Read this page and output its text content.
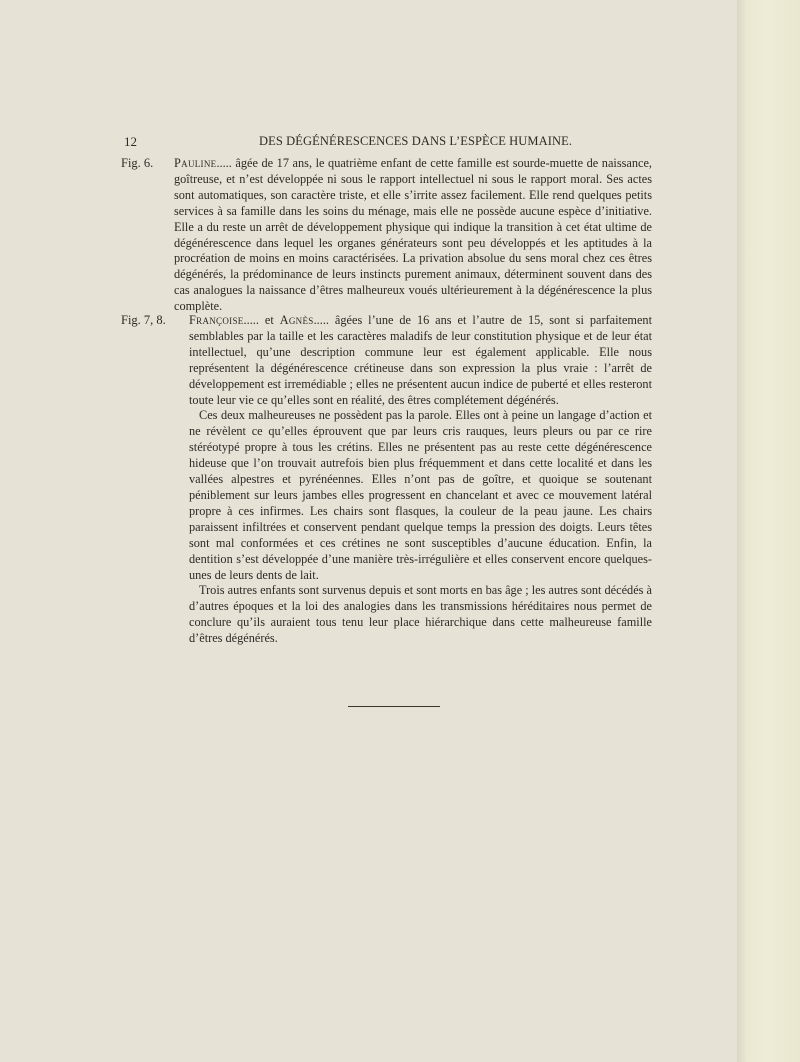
12	DES DÉGÉNÉRESCENCES DANS L’ESPÈCE HUMAINE.
Fig. 6. Pauline..... âgée de 17 ans, le quatrième enfant de cette famille est sourde-muette de naissance, goîtreuse, et n’est développée ni sous le rapport intellectuel ni sous le rapport moral. Ses actes sont automatiques, son caractère triste, et elle s’irrite assez facilement. Elle rend quelques petits services à sa famille dans les soins du ménage, mais elle ne possède aucune espèce d’initiative. Elle a du reste un arrêt de développement physique qui indique la transition à cet état ultime de dégénérescence dans lequel les organes générateurs sont peu développés et les aptitudes à la procréation de moins en moins caractérisées. La privation absolue du sens moral chez ces êtres dégénérés, la prédominance de leurs instincts purement animaux, déterminent souvent dans des cas analogues la naissance d’êtres malheureux voués ultérieurement à la dégénérescence la plus complète.

Fig. 7, 8. Françoise..... et Agnès..... âgées l’une de 16 ans et l’autre de 15, sont si parfaitement semblables par la taille et les caractères maladifs de leur constitution physique et de leur état intellectuel, qu’une description commune leur est également applicable. Elle nous représentent la dégénérescence crétineuse dans son expression la plus vraie : l’arrêt de développement est irremédiable ; elles ne présentent aucun indice de puberté et elles resteront toute leur vie ce qu’elles sont en réalité, des êtres complétement dégénérés.

Ces deux malheureuses ne possèdent pas la parole. Elles ont à peine un langage d’action et ne révèlent ce qu’elles éprouvent que par leurs cris rauques, leurs pleurs ou par ce rire stéréotypé propre à tous les crétins. Elles ne présentent pas au reste cette dégénérescence hideuse que l’on trouvait autrefois bien plus fréquemment et dans cette localité et dans les vallées alpestres et pyrénéennes. Elles n’ont pas de goître, et quoique se soutenant péniblement sur leurs jambes elles progressent en chancelant et avec ce mouvement latéral propre à ces infirmes. Les chairs sont flasques, la couleur de la peau jaune. Les chairs paraissent infiltrées et conservent pendant quelque temps la pression des doigts. Leurs têtes sont mal conformées et ces crétines ne sont susceptibles d’aucune éducation. Enfin, la dentition s’est développée d’une manière très-irrégulière et elles conservent encore quelques-unes de leurs dents de lait.

Trois autres enfants sont survenus depuis et sont morts en bas âge ; les autres sont décédés à d’autres époques et la loi des analogies dans les transmissions héréditaires nous permet de conclure qu’ils auraient tous tenu leur place hiérarchique dans cette malheureuse famille d’êtres dégénérés.
